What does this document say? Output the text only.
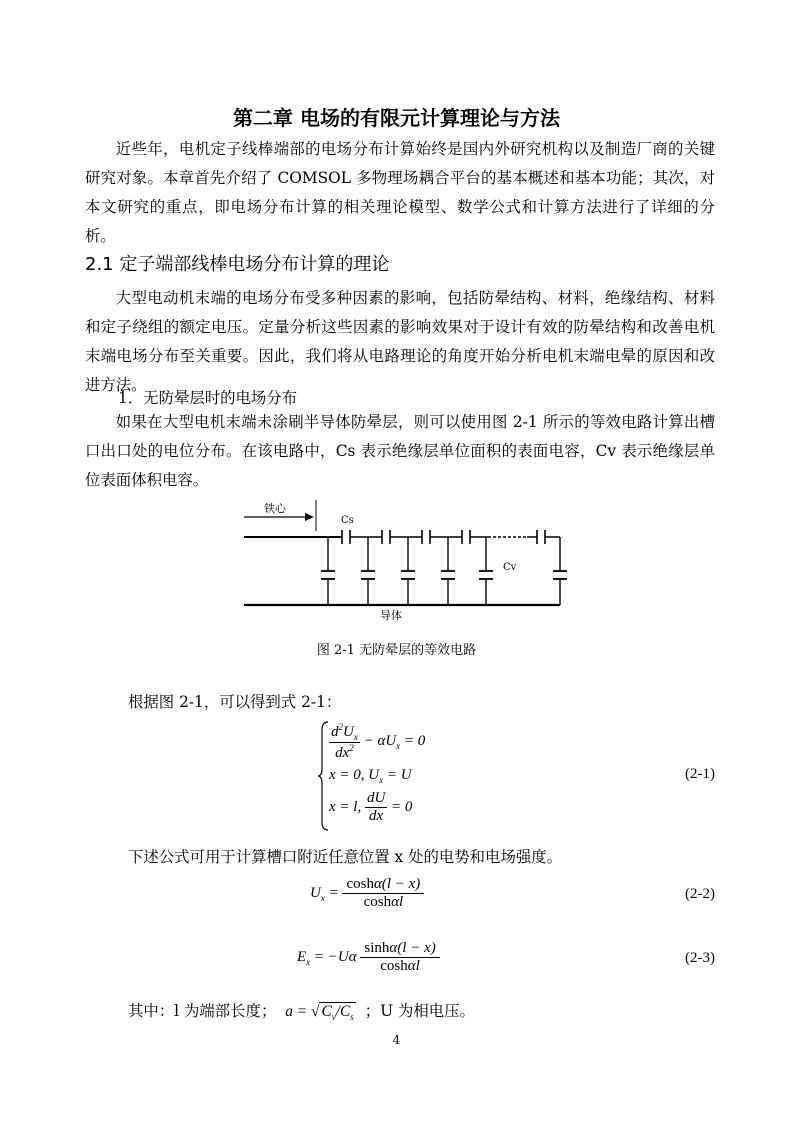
第二章 电场的有限元计算理论与方法

近些年，电机定子线棒端部的电场分布计算始终是国内外研究机构以及制造厂商的关键研究对象。本章首先介绍了 COMSOL 多物理场耦合平台的基本概述和基本功能；其次，对本文研究的重点，即电场分布计算的相关理论模型、数学公式和计算方法进行了详细的分析。

2.1 定子端部线棒电场分布计算的理论

大型电动机末端的电场分布受多种因素的影响，包括防晕结构、材料，绝缘结构、材料和定子绕组的额定电压。定量分析这些因素的影响效果对于设计有效的防晕结构和改善电机末端电场分布至关重要。因此，我们将从电路理论的角度开始分析电机末端电晕的原因和改进方法。

1．无防晕层时的电场分布

如果在大型电机末端未涂刷半导体防晕层，则可以使用图 2-1 所示的等效电路计算出槽口出口处的电位分布。在该电路中，Cs 表示绝缘层单位面积的表面电容，Cv 表示绝缘层单位表面体积电容。

铁心
Cs
Cv
导体
图 2-1 无防晕层的等效电路
根据图 2-1，可以得到式 2-1：
$\frac{d^2U_x}{dx^2} - \alpha U_x = 0$
x = 0, $U_x = U$
x = l, $\frac{dU}{dx} = 0$
(2-1)
下述公式可用于计算槽口附近任意位置 x 处的电势和电场强度。
$U_x$ =
coshα(l − x)
coshαl	(2-2)
$E_x = -U\alpha$
sinhα(l − x)
coshαl	(2-3)
其中：l 为端部长度； a = √ $C_v/C_s$ ；U 为相电压。
4
